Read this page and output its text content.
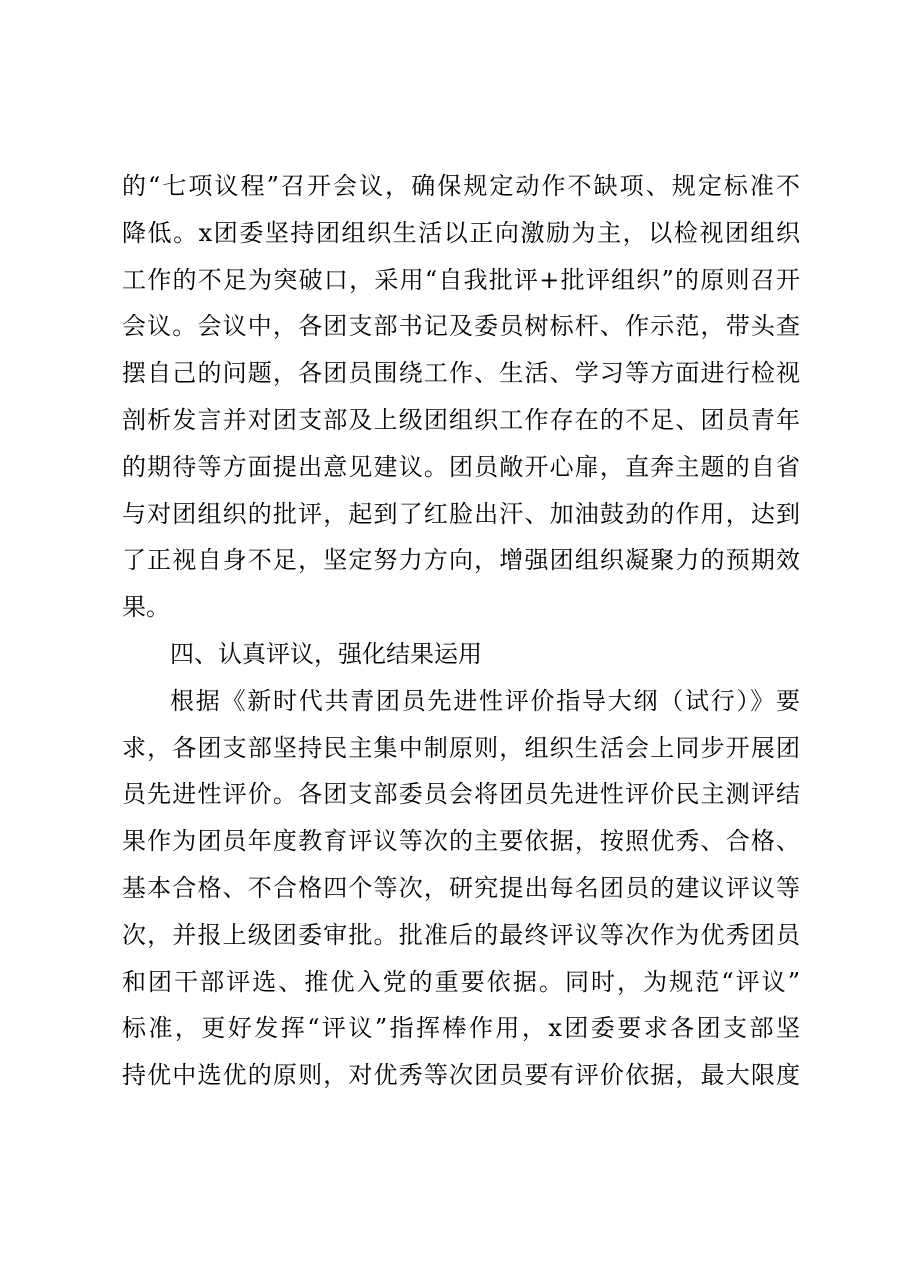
的“七项议程”召开会议，确保规定动作不缺项、规定标准不
降低。x团委坚持团组织生活以正向激励为主，以检视团组织
工作的不足为突破口，采用“自我批评+批评组织”的原则召开
会议。会议中，各团支部书记及委员树标杆、作示范，带头查
摆自己的问题，各团员围绕工作、生活、学习等方面进行检视
剖析发言并对团支部及上级团组织工作存在的不足、团员青年
的期待等方面提出意见建议。团员敞开心扉，直奔主题的自省
与对团组织的批评，起到了红脸出汗、加油鼓劲的作用，达到
了正视自身不足，坚定努力方向，增强团组织凝聚力的预期效
果。
四、认真评议，强化结果运用
根据《新时代共青团员先进性评价指导大纲（试行）》要
求，各团支部坚持民主集中制原则，组织生活会上同步开展团
员先进性评价。各团支部委员会将团员先进性评价民主测评结
果作为团员年度教育评议等次的主要依据，按照优秀、合格、
基本合格、不合格四个等次，研究提出每名团员的建议评议等
次，并报上级团委审批。批准后的最终评议等次作为优秀团员
和团干部评选、推优入党的重要依据。同时，为规范“评议”
标准，更好发挥“评议”指挥棒作用，x团委要求各团支部坚
持优中选优的原则，对优秀等次团员要有评价依据，最大限度
